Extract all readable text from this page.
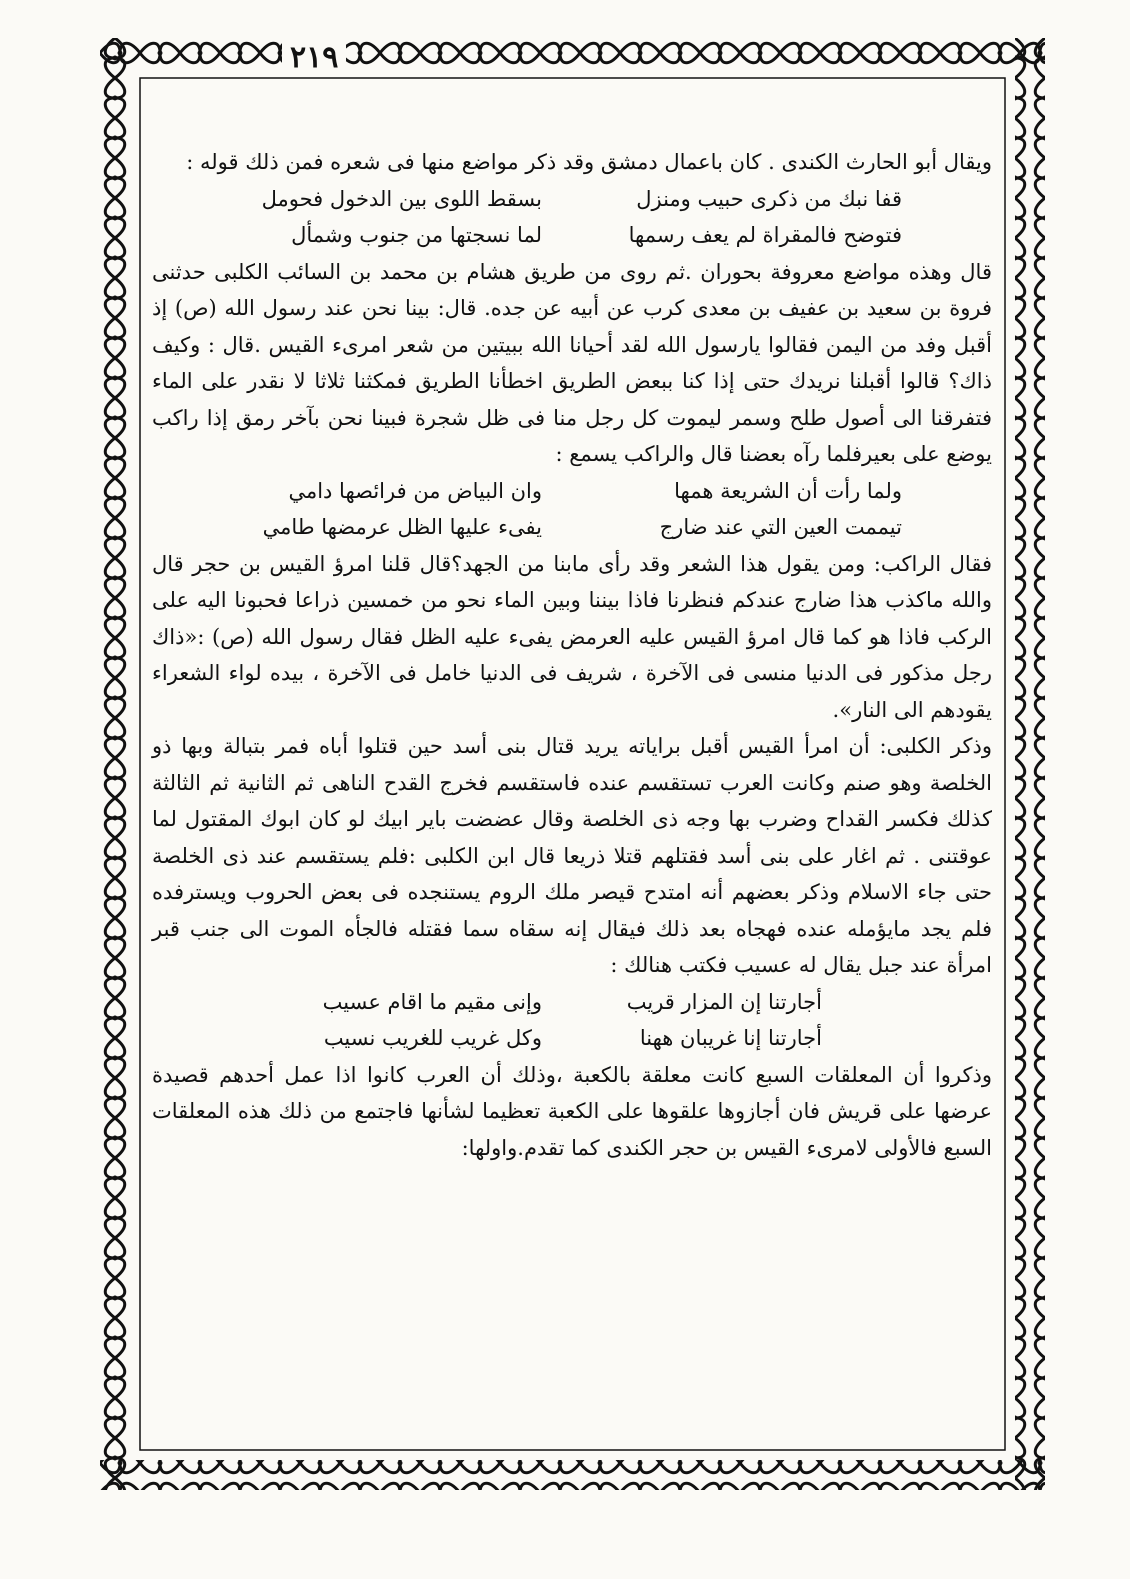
٢١٩

ويقال أبو الحارث الكندى . كان باعمال دمشق وقد ذكر مواضع منها فى شعره فمن ذلك قوله :

قفا نبك من ذكرى حبيب ومنزل
بسقط اللوى بين الدخول فحومل
فتوضح فالمقراة لم يعف رسمها
لما نسجتها من جنوب وشمأل

قال وهذه مواضع معروفة بحوران .ثم روى من طريق هشام بن محمد بن السائب الكلبى حدثنى فروة بن سعيد بن عفيف بن معدى كرب عن أبيه عن جده. قال: بينا نحن عند رسول الله (ص) إذ أقبل وفد من اليمن فقالوا يارسول الله لقد أحيانا الله ببيتين من شعر امرىء القيس .قال : وكيف ذاك؟ قالوا أقبلنا نريدك حتى إذا كنا ببعض الطريق اخطأنا الطريق فمكثنا ثلاثا لا نقدر على الماء فتفرقنا الى أصول طلح وسمر ليموت كل رجل منا فى ظل شجرة فبينا نحن بآخر رمق إذا راكب يوضع على بعيرفلما رآه بعضنا قال والراكب يسمع :

ولما رأت أن الشريعة همها
وان البياض من فرائصها دامي
تيممت العين التي عند ضارج
يفىء عليها الظل عرمضها طامي

فقال الراكب: ومن يقول هذا الشعر وقد رأى مابنا من الجهد؟قال قلنا امرؤ القيس بن حجر قال والله ماكذب هذا ضارج عندكم فنظرنا فاذا بيننا وبين الماء نحو من خمسين ذراعا فحبونا اليه على الركب فاذا هو كما قال امرؤ القيس عليه العرمض يفىء عليه الظل فقال رسول الله (ص) :«ذاك رجل مذكور فى الدنيا منسى فى الآخرة ، شريف فى الدنيا خامل فى الآخرة ، بيده لواء الشعراء يقودهم الى النار».

وذكر الكلبى: أن امرأ القيس أقبل براياته يريد قتال بنى أسد حين قتلوا أباه فمر بتبالة وبها ذو الخلصة وهو صنم وكانت العرب تستقسم عنده فاستقسم فخرج القدح الناهى ثم الثانية ثم الثالثة كذلك فكسر القداح وضرب بها وجه ذى الخلصة وقال عضضت باير ابيك لو كان ابوك المقتول لما عوقتنى . ثم اغار على بنى أسد فقتلهم قتلا ذريعا قال ابن الكلبى :فلم يستقسم عند ذى الخلصة حتى جاء الاسلام وذكر بعضهم أنه امتدح قيصر ملك الروم يستنجده فى بعض الحروب ويسترفده فلم يجد مايؤمله عنده فهجاه بعد ذلك فيقال إنه سقاه سما فقتله فالجأه الموت الى جنب قبر امرأة عند جبل يقال له عسيب فكتب هنالك :

أجارتنا إن المزار قريب
وإنى مقيم ما اقام عسيب
أجارتنا إنا غريبان ههنا
وكل غريب للغريب نسيب

وذكروا أن المعلقات السبع كانت معلقة بالكعبة ،وذلك أن العرب كانوا اذا عمل أحدهم قصيدة عرضها على قريش فان أجازوها علقوها على الكعبة تعظيما لشأنها فاجتمع من ذلك هذه المعلقات السبع فالأولى لامرىء القيس بن حجر الكندى كما تقدم.واولها:
